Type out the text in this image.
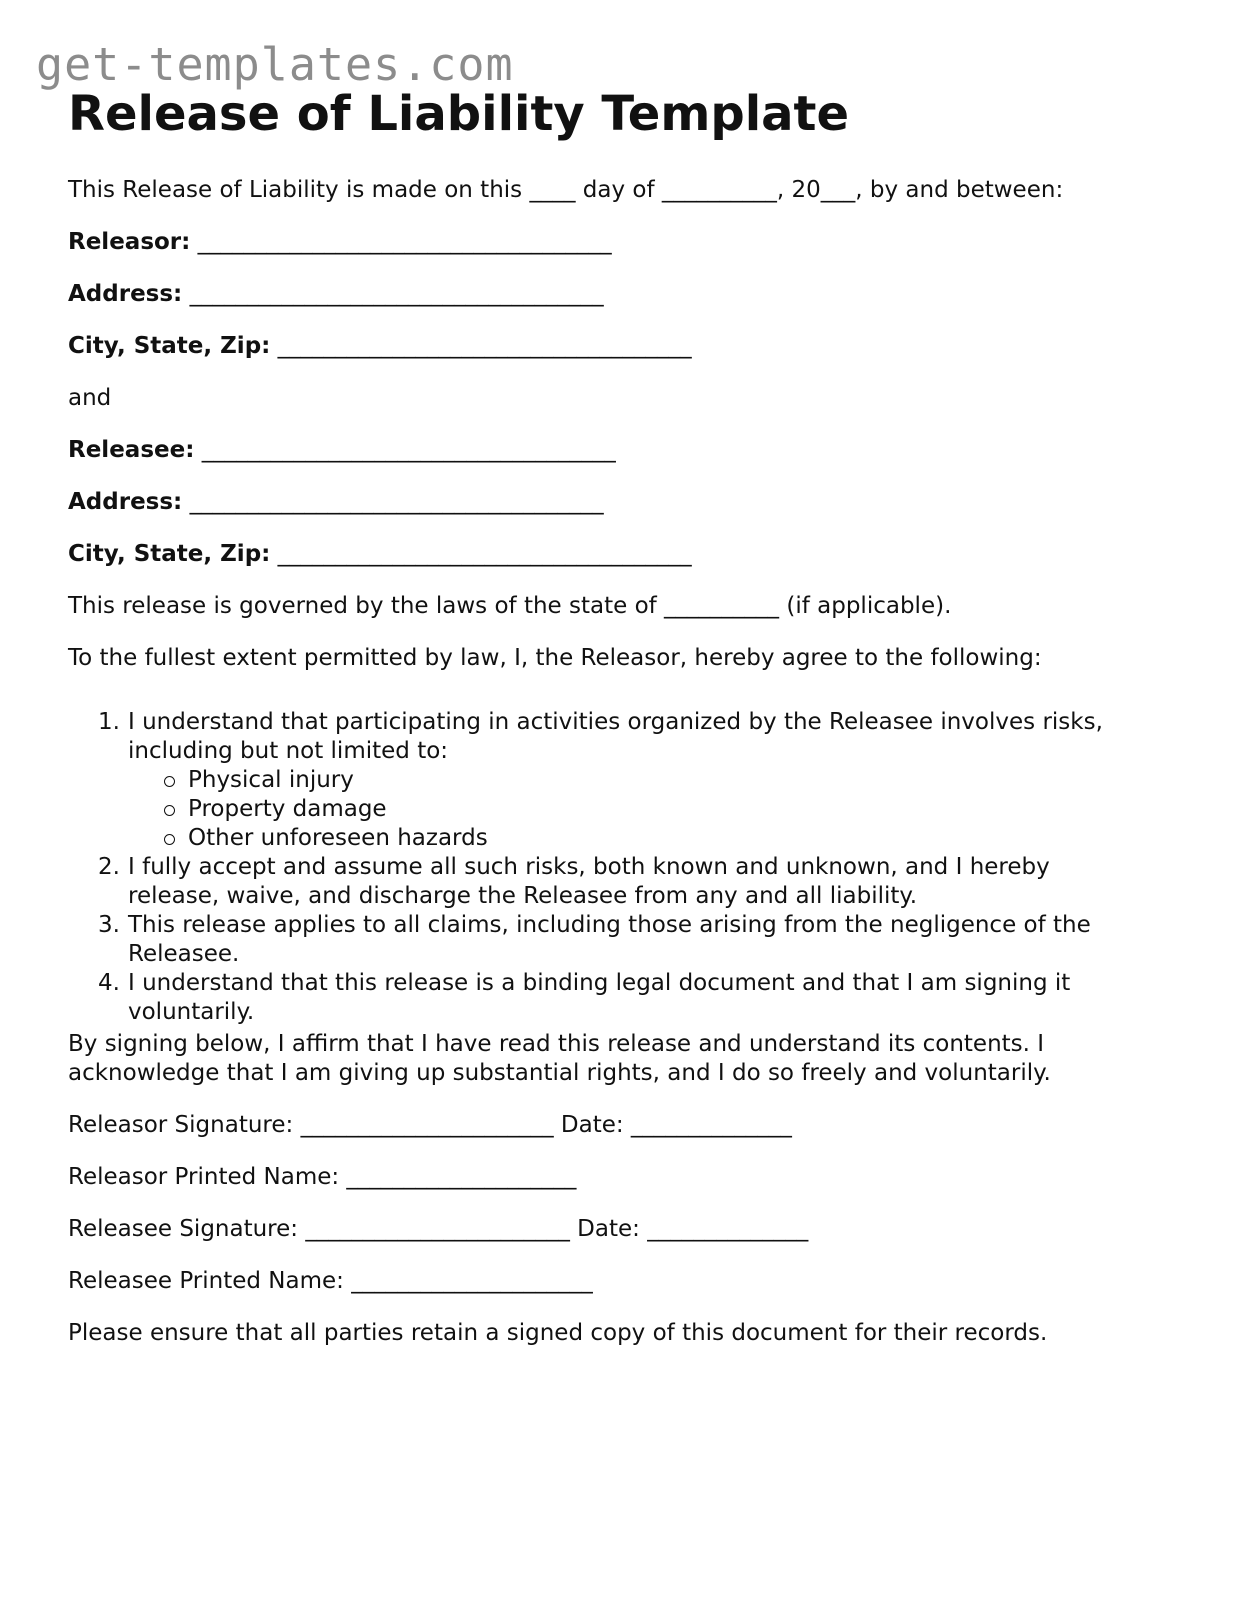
get-templates.com
Release of Liability Template

This Release of Liability is made on this ____ day of __________, 20___, by and between:

Releasor: ____________________________________

Address: ____________________________________

City, State, Zip: ____________________________________

and

Releasee: ____________________________________

Address: ____________________________________

City, State, Zip: ____________________________________

This release is governed by the laws of the state of __________ (if applicable).

To the fullest extent permitted by law, I, the Releasor, hereby agree to the following:

1. I understand that participating in activities organized by the Releasee involves risks,
including but not limited to:
Physical injury
Property damage
Other unforeseen hazards
2. I fully accept and assume all such risks, both known and unknown, and I hereby
release, waive, and discharge the Releasee from any and all liability.
3. This release applies to all claims, including those arising from the negligence of the
Releasee.
4. I understand that this release is a binding legal document and that I am signing it
voluntarily.

By signing below, I affirm that I have read this release and understand its contents. I

acknowledge that I am giving up substantial rights, and I do so freely and voluntarily.

Releasor Signature: ______________________ Date: ______________

Releasor Printed Name: ____________________

Releasee Signature: _______________________ Date: ______________

Releasee Printed Name: _____________________

Please ensure that all parties retain a signed copy of this document for their records.
